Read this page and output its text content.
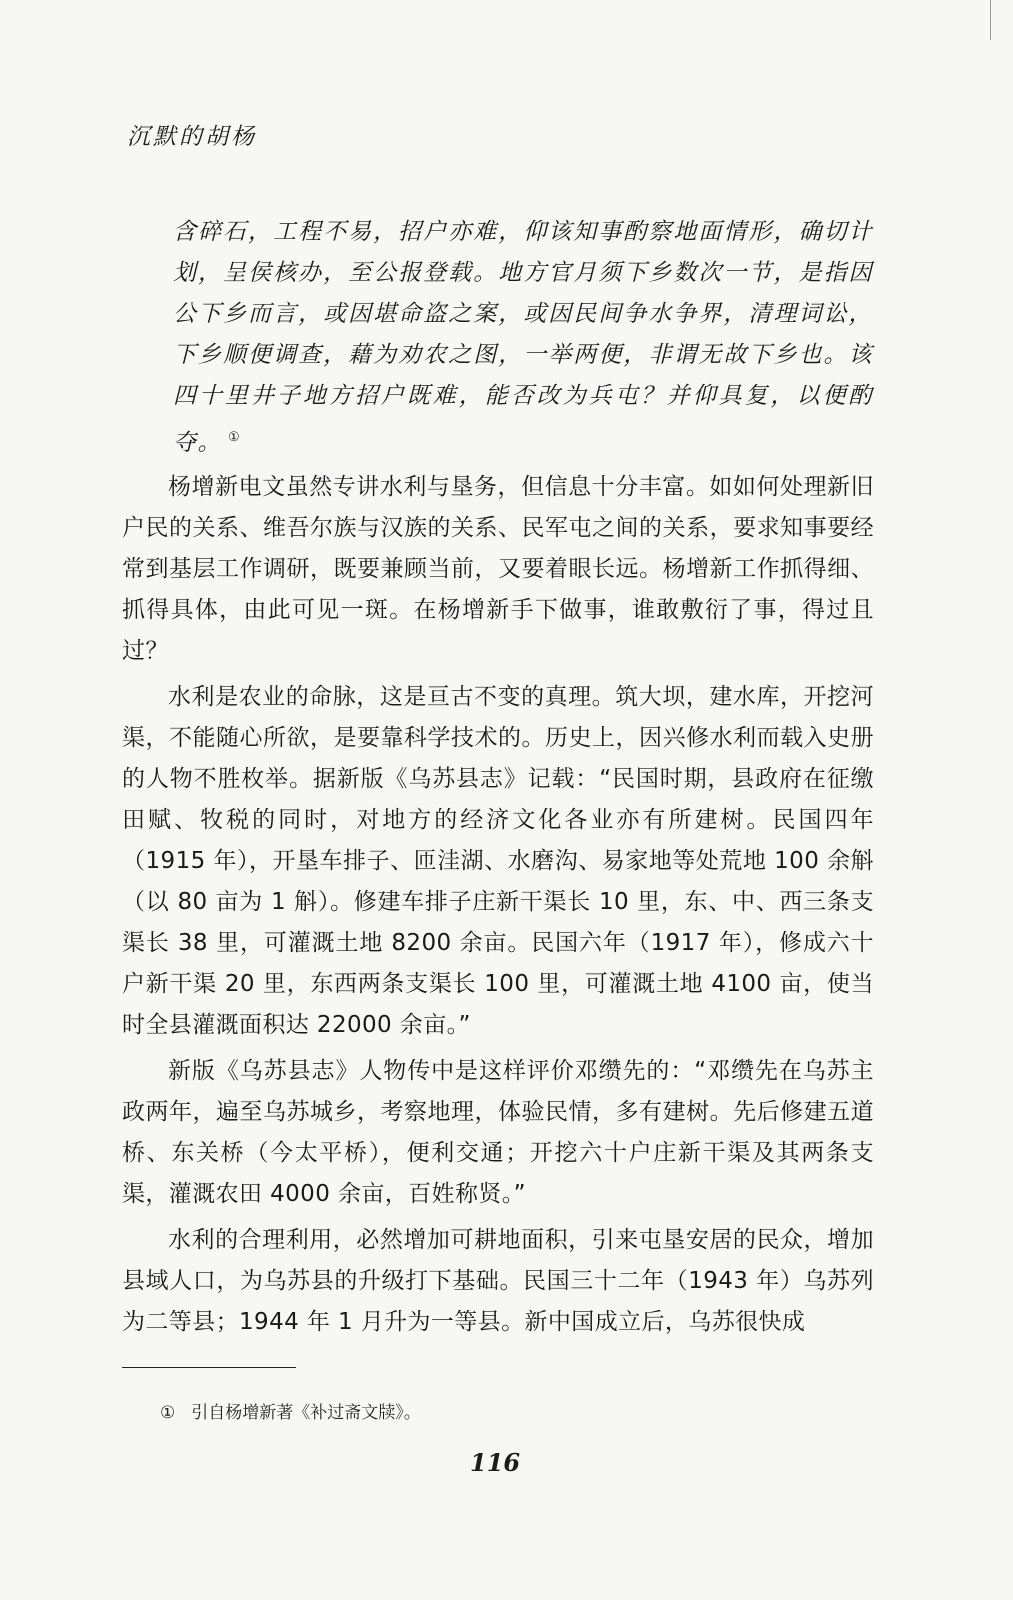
沉默的胡杨

含碎石，工程不易，招户亦难，仰该知事酌察地面情形，确切计划，呈侯核办，至公报登载。地方官月须下乡数次一节，是指因公下乡而言，或因堪命盗之案，或因民间争水争界，清理词讼，下乡顺便调查，藉为劝农之图，一举两便，非谓无故下乡也。该四十里井子地方招户既难，能否改为兵屯？并仰具复，以便酌夺。 ①

杨增新电文虽然专讲水利与垦务，但信息十分丰富。如如何处理新旧户民的关系、维吾尔族与汉族的关系、民军屯之间的关系，要求知事要经常到基层工作调研，既要兼顾当前，又要着眼长远。杨增新工作抓得细、抓得具体，由此可见一斑。在杨增新手下做事，谁敢敷衍了事，得过且过？

水利是农业的命脉，这是亘古不变的真理。筑大坝，建水库，开挖河渠，不能随心所欲，是要靠科学技术的。历史上，因兴修水利而载入史册的人物不胜枚举。据新版《乌苏县志》记载：“民国时期，县政府在征缴田赋、牧税的同时，对地方的经济文化各业亦有所建树。民国四年（1915 年），开垦车排子、匝洼湖、水磨沟、易家地等处荒地 100 余斛（以 80 亩为 1 斛）。修建车排子庄新干渠长 10 里，东、中、西三条支渠长 38 里，可灌溉土地 8200 余亩。民国六年（1917 年），修成六十户新干渠 20 里，东西两条支渠长 100 里，可灌溉土地 4100 亩，使当时全县灌溉面积达 22000 余亩。”

新版《乌苏县志》人物传中是这样评价邓缵先的：“邓缵先在乌苏主政两年，遍至乌苏城乡，考察地理，体验民情，多有建树。先后修建五道桥、东关桥（今太平桥），便利交通；开挖六十户庄新干渠及其两条支渠，灌溉农田 4000 余亩，百姓称贤。”

水利的合理利用，必然增加可耕地面积，引来屯垦安居的民众，增加县域人口，为乌苏县的升级打下基础。民国三十二年（1943 年）乌苏列为二等县；1944 年 1 月升为一等县。新中国成立后，乌苏很快成

① 引自杨增新著《补过斋文牍》。
116
